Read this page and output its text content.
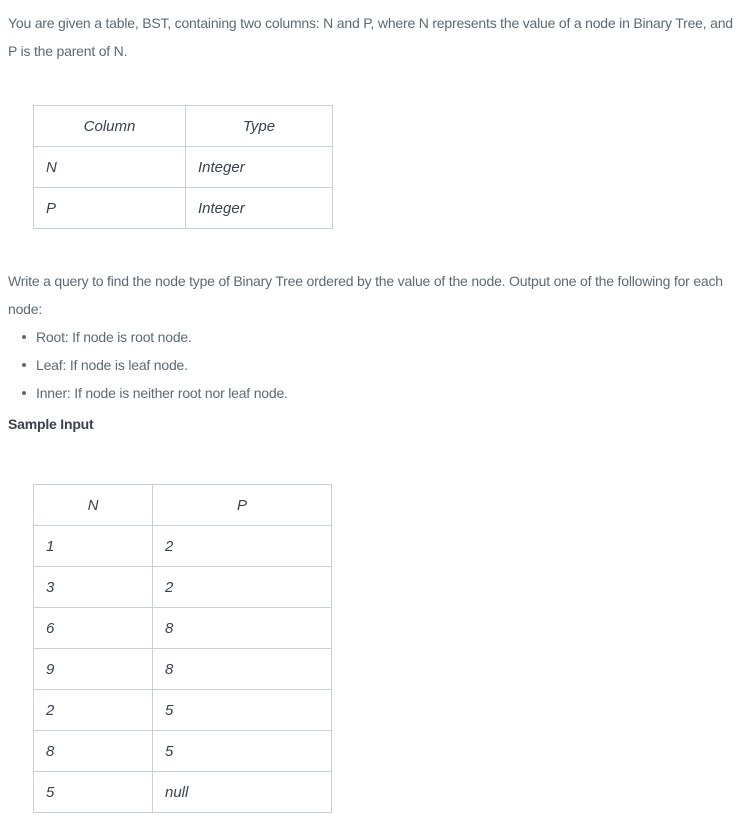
You are given a table, BST, containing two columns: N and P, where N represents the value of a node in Binary Tree, and P is the parent of N.

Column	Type
N	Integer
P	Integer

Write a query to find the node type of Binary Tree ordered by the value of the node. Output one of the following for each node:

Root: If node is root node.
Leaf: If node is leaf node.
Inner: If node is neither root nor leaf node.
Sample Input
N	P
1	2
3	2
6	8
9	8
2	5
8	5
5	null
